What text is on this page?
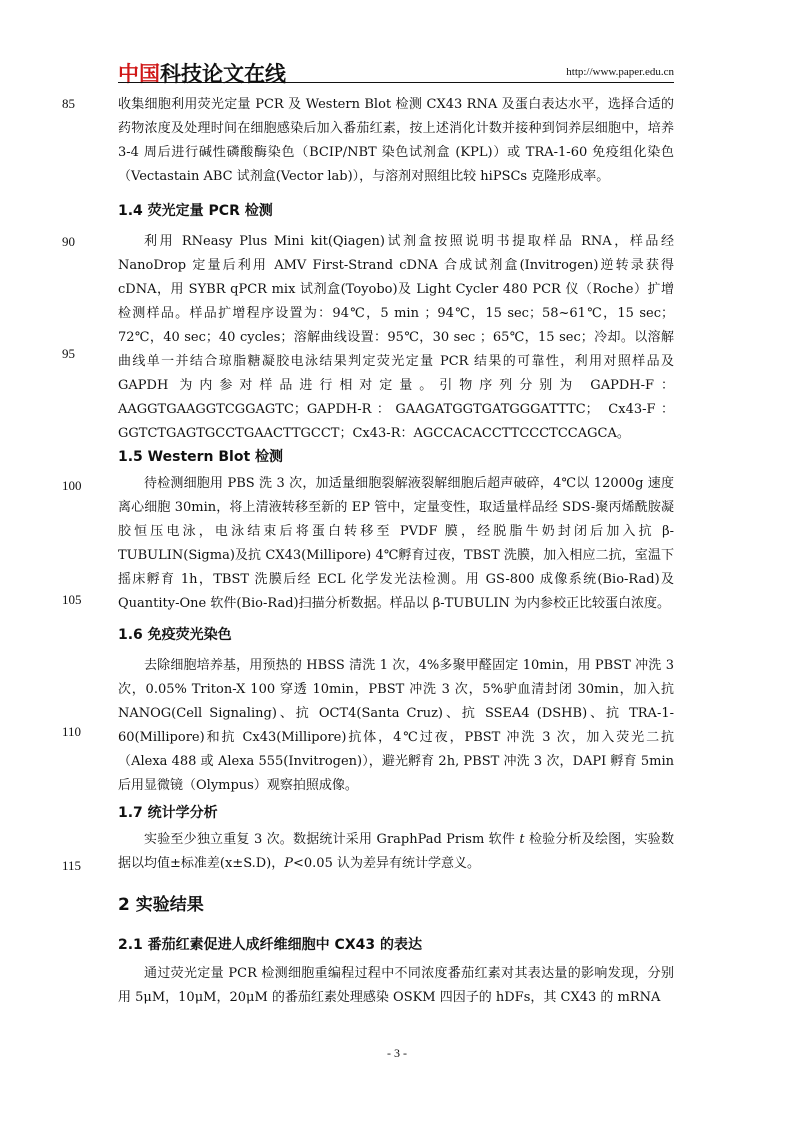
中国科技论文在线	http://www.paper.edu.cn
85
90
95
100
105
110
115

收集细胞利用荧光定量 PCR 及 Western Blot 检测 CX43 RNA 及蛋白表达水平，选择合适的药物浓度及处理时间在细胞感染后加入番茄红素，按上述消化计数并接种到饲养层细胞中，培养 3-4 周后进行碱性磷酸酶染色（BCIP/NBT 染色试剂盒 (KPL)）或 TRA-1-60 免疫组化染色（Vectastain ABC 试剂盒(Vector lab)），与溶剂对照组比较 hiPSCs 克隆形成率。

1.4 荧光定量 PCR 检测

利用 RNeasy Plus Mini kit(Qiagen)试剂盒按照说明书提取样品 RNA，样品经 NanoDrop 定量后利用 AMV First-Strand cDNA 合成试剂盒(Invitrogen)逆转录获得 cDNA，用 SYBR qPCR mix 试剂盒(Toyobo)及 Light Cycler 480 PCR 仪（Roche）扩增检测样品。样品扩增程序设置为：94℃，5 min ；94℃，15 sec；58~61℃，15 sec；72℃，40 sec；40 cycles；溶解曲线设置：95℃，30 sec ；65℃，15 sec；冷却。以溶解曲线单一并结合琼脂糖凝胶电泳结果判定荧光定量 PCR 结果的可靠性，利用对照样品及 GAPDH 为内参对样品进行相对定量。引物序列分别为 GAPDH-F：AAGGTGAAGGTCGGAGTC；GAPDH-R：GAAGATGGTGATGGGATTTC； Cx43-F：GGTCTGAGTGCCTGAACTTGCCT；Cx43-R：AGCCACACCTTCCCTCCAGCA。

1.5 Western Blot 检测

待检测细胞用 PBS 洗 3 次，加适量细胞裂解液裂解细胞后超声破碎，4℃以 12000g 速度离心细胞 30min，将上清液转移至新的 EP 管中，定量变性，取适量样品经 SDS-聚丙烯酰胺凝胶恒压电泳，电泳结束后将蛋白转移至 PVDF 膜，经脱脂牛奶封闭后加入抗 β-TUBULIN(Sigma)及抗 CX43(Millipore) 4℃孵育过夜，TBST 洗膜，加入相应二抗，室温下摇床孵育 1h，TBST 洗膜后经 ECL 化学发光法检测。用 GS-800 成像系统(Bio-Rad)及 Quantity-One 软件(Bio-Rad)扫描分析数据。样品以 β-TUBULIN 为内参校正比较蛋白浓度。

1.6 免疫荧光染色

去除细胞培养基，用预热的 HBSS 清洗 1 次，4%多聚甲醛固定 10min，用 PBST 冲洗 3 次，0.05% Triton-X 100 穿透 10min，PBST 冲洗 3 次，5%驴血清封闭 30min，加入抗 NANOG(Cell Signaling)、抗 OCT4(Santa Cruz)、抗 SSEA4 (DSHB)、抗 TRA-1-60(Millipore)和抗 Cx43(Millipore)抗体，4℃过夜，PBST 冲洗 3 次，加入荧光二抗（Alexa 488 或 Alexa 555(Invitrogen)），避光孵育 2h, PBST 冲洗 3 次，DAPI 孵育 5min 后用显微镜（Olympus）观察拍照成像。

1.7 统计学分析

实验至少独立重复 3 次。数据统计采用 GraphPad Prism 软件 t 检验分析及绘图，实验数据以均值±标准差(x±S.D)，P<0.05 认为差异有统计学意义。

2 实验结果

2.1 番茄红素促进人成纤维细胞中 CX43 的表达

通过荧光定量 PCR 检测细胞重编程过程中不同浓度番茄红素对其表达量的影响发现，分别用 5μM，10μM，20μM 的番茄红素处理感染 OSKM 四因子的 hDFs，其 CX43 的 mRNA

- 3 -
